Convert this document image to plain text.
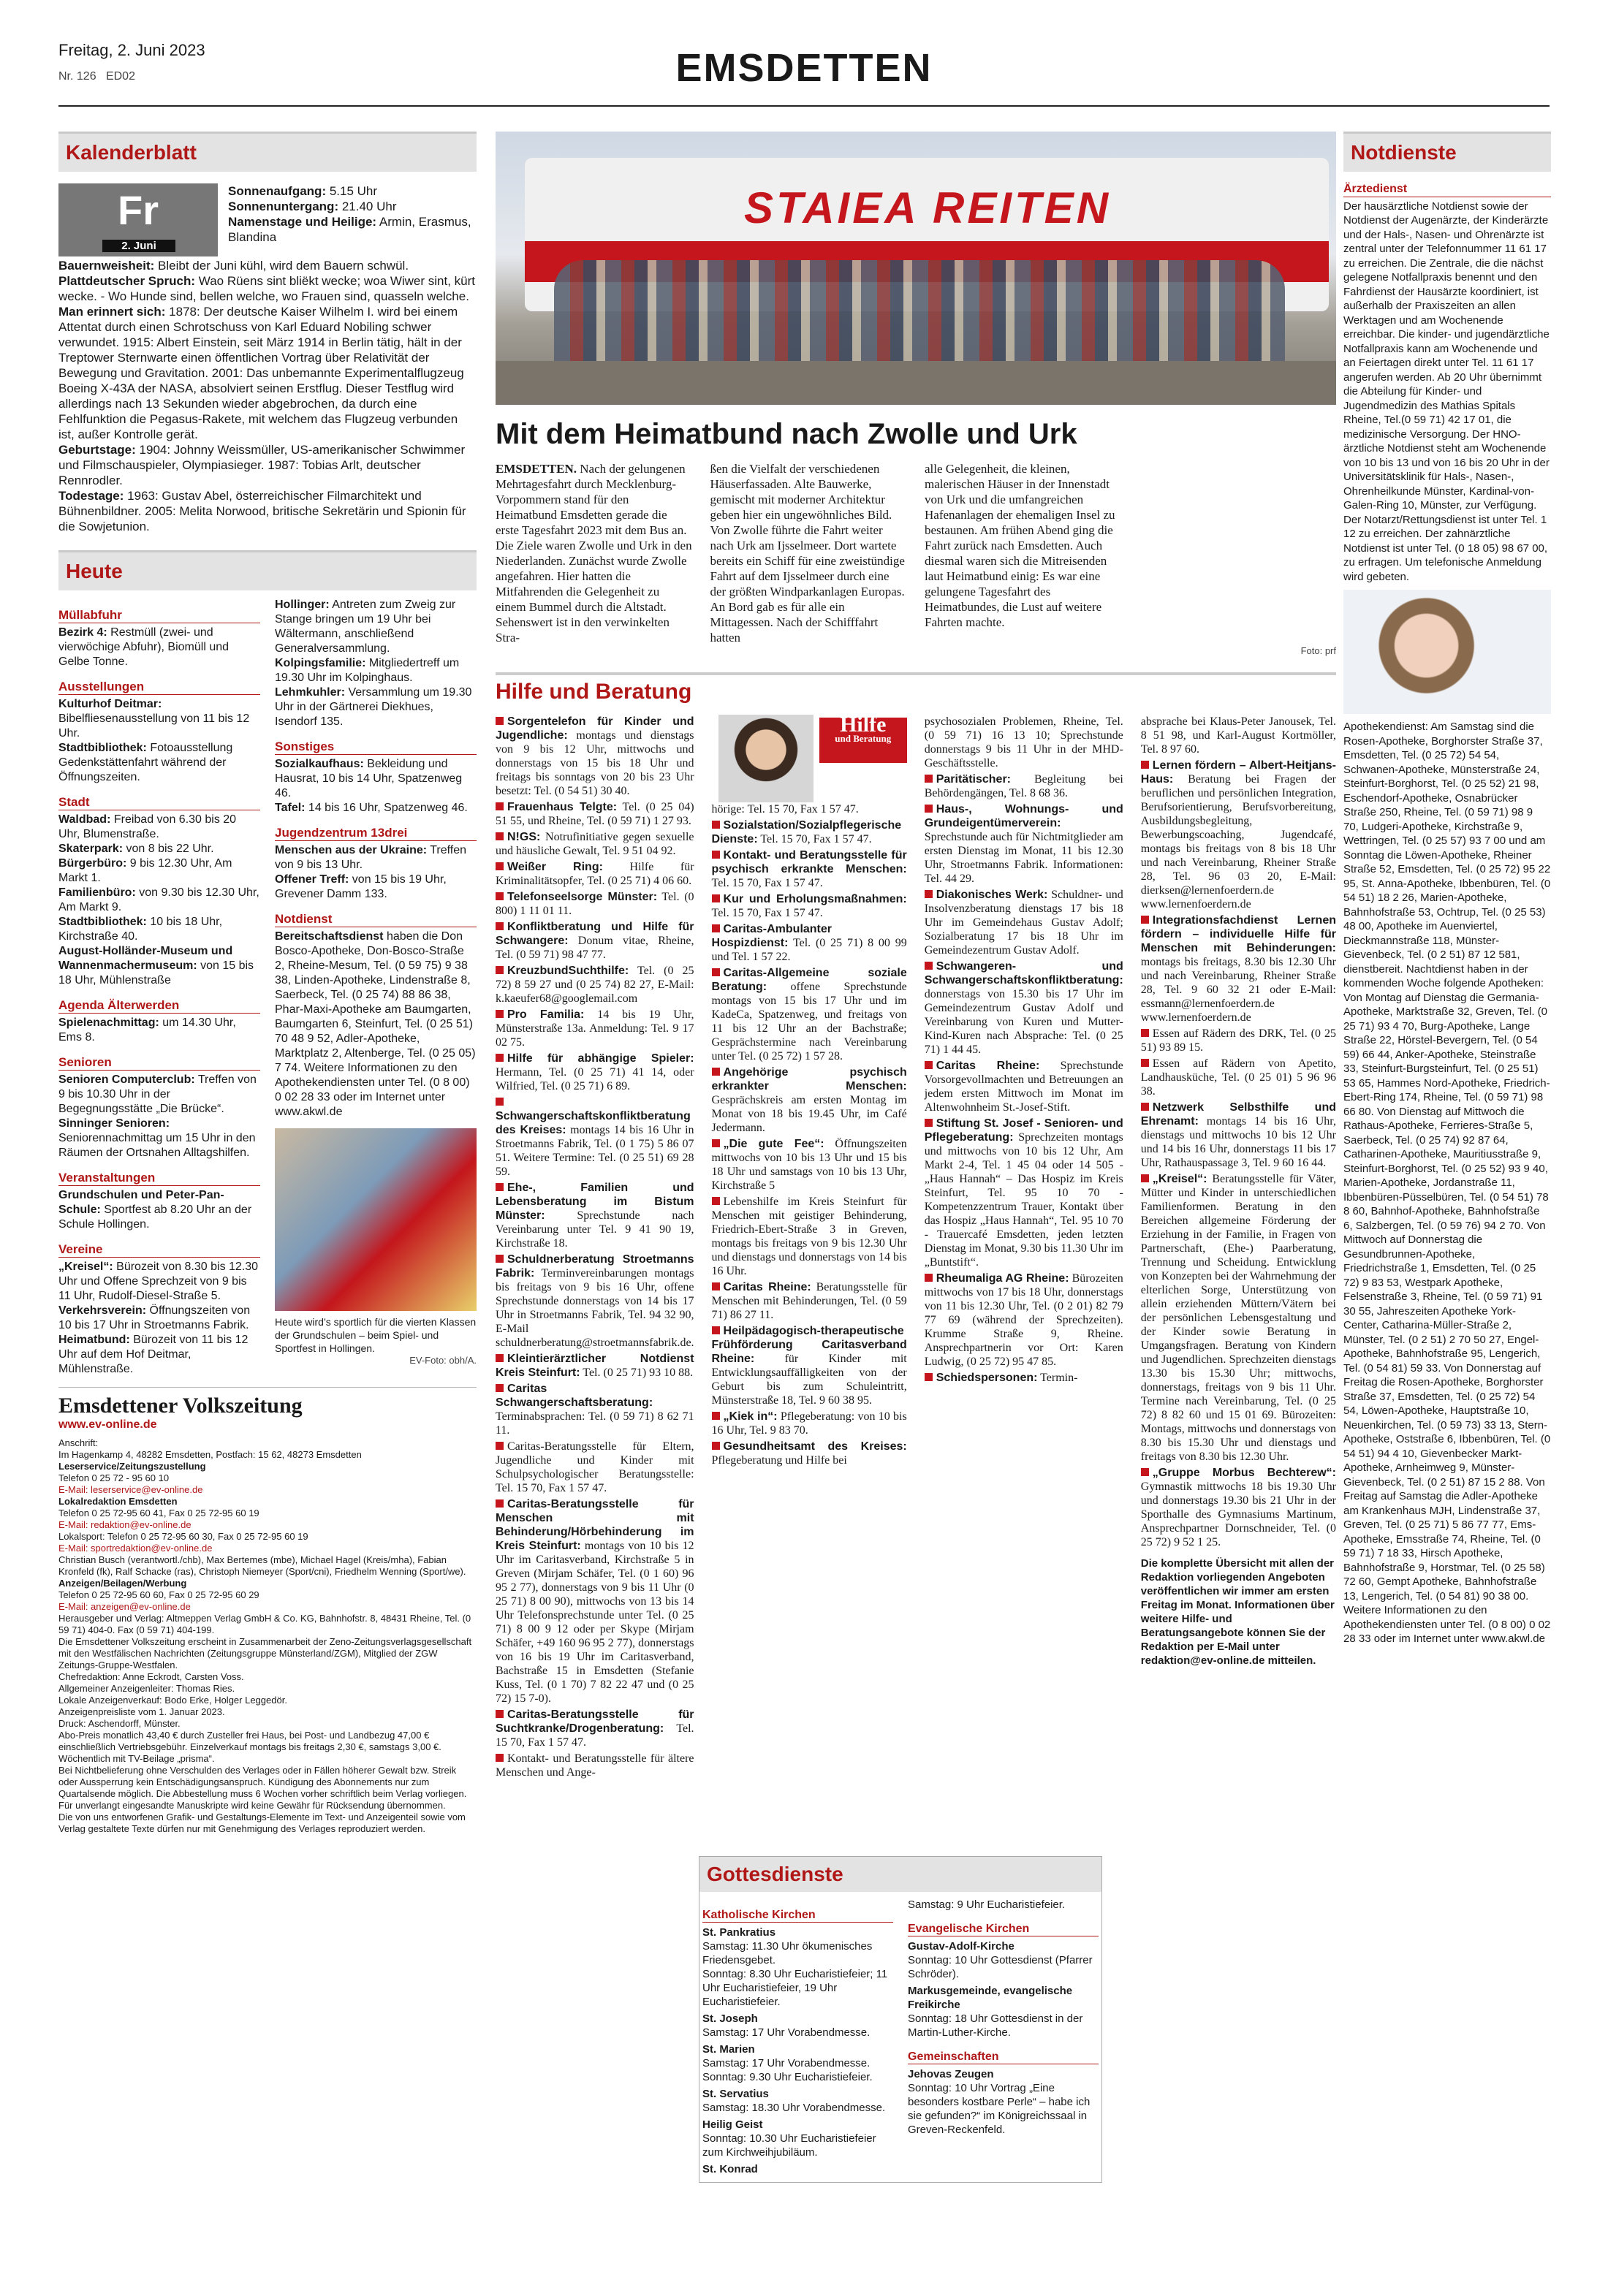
Freitag, 2. Juni 2023
Nr. 126 ED02	EMSDETTEN
Kalenderblatt
Fr
2. Juni
Sonnenaufgang: 5.15 Uhr
Sonnenuntergang: 21.40 Uhr
Namenstage und Heilige: Armin, Erasmus, Blandina

Bauernweisheit: Bleibt der Juni kühl, wird dem Bauern schwül.

Plattdeutscher Spruch: Wao Rüens sint bliëkt wecke; woa Wiwer sint, kürt wecke. - Wo Hunde sind, bellen welche, wo Frauen sind, quasseln welche.

Man erinnert sich: 1878: Der deutsche Kaiser Wilhelm I. wird bei einem Attentat durch einen Schrotschuss von Karl Eduard Nobiling schwer verwundet. 1915: Albert Einstein, seit März 1914 in Berlin tätig, hält in der Treptower Sternwarte einen öffentlichen Vortrag über Relativität der Bewegung und Gravitation. 2001: Das unbemannte Experimentalflugzeug Boeing X-43A der NASA, absolviert seinen Erstflug. Dieser Testflug wird allerdings nach 13 Sekunden wieder abgebrochen, da durch eine Fehlfunktion die Pegasus-Rakete, mit welchem das Flugzeug verbunden ist, außer Kontrolle gerät.

Geburtstage: 1904: Johnny Weissmüller, US-amerikanischer Schwimmer und Filmschauspieler, Olympiasieger. 1987: Tobias Arlt, deutscher Rennrodler.

Todestage: 1963: Gustav Abel, österreichischer Filmarchitekt und Bühnenbildner. 2005: Melita Norwood, britische Sekretärin und Spionin für die Sowjetunion.

Heute
Müllabfuhr

Bezirk 4: Restmüll (zwei- und vierwöchige Abfuhr), Biomüll und Gelbe Tonne.

Ausstellungen

Kulturhof Deitmar: Bibelfliesenausstellung von 11 bis 12 Uhr.

Stadtbibliothek: Fotoausstellung Gedenkstättenfahrt während der Öffnungszeiten.

Stadt

Waldbad: Freibad von 6.30 bis 20 Uhr, Blumenstraße.

Skaterpark: von 8 bis 22 Uhr.

Bürgerbüro: 9 bis 12.30 Uhr, Am Markt 1.

Familienbüro: von 9.30 bis 12.30 Uhr, Am Markt 9.

Stadtbibliothek: 10 bis 18 Uhr, Kirchstraße 40.

August-Holländer-Museum und Wannenmachermuseum: von 15 bis 18 Uhr, Mühlenstraße

Agenda Älterwerden

Spielenachmittag: um 14.30 Uhr, Ems 8.

Senioren

Senioren Computerclub: Treffen von 9 bis 10.30 Uhr in der Begegnungsstätte „Die Brücke“.

Sinninger Senioren: Seniorennachmittag um 15 Uhr in den Räumen der Ortsnahen Alltagshilfen.

Veranstaltungen

Grundschulen und Peter-Pan-Schule: Sportfest ab 8.20 Uhr an der Schule Hollingen.

Vereine

„Kreisel“: Bürozeit von 8.30 bis 12.30 Uhr und Offene Sprechzeit von 9 bis 11 Uhr, Rudolf-Diesel-Straße 5.

Verkehrsverein: Öffnungszeiten von 10 bis 17 Uhr in Stroetmanns Fabrik.

Heimatbund: Bürozeit von 11 bis 12 Uhr auf dem Hof Deitmar, Mühlenstraße.

Hollinger: Antreten zum Zweig zur Stange bringen um 19 Uhr bei Wältermann, anschließend Generalversammlung.

Kolpingsfamilie: Mitgliedertreff um 19.30 Uhr im Kolpinghaus.

Lehmkuhler: Versammlung um 19.30 Uhr in der Gärtnerei Diekhues, Isendorf 135.

Sonstiges

Sozialkaufhaus: Bekleidung und Hausrat, 10 bis 14 Uhr, Spatzenweg 46.

Tafel: 14 bis 16 Uhr, Spatzenweg 46.

Jugendzentrum 13drei

Menschen aus der Ukraine: Treffen von 9 bis 13 Uhr.

Offener Treff: von 15 bis 19 Uhr, Grevener Damm 133.

Notdienst

Bereitschaftsdienst haben die Don Bosco-Apotheke, Don-Bosco-Straße 2, Rheine-Mesum, Tel. (0 59 75) 9 38 38, Linden-Apotheke, Lindenstraße 8, Saerbeck, Tel. (0 25 74) 88 86 38, Phar-Maxi-Apotheke am Baumgarten, Baumgarten 6, Steinfurt, Tel. (0 25 51) 70 48 9 52, Adler-Apotheke, Marktplatz 2, Altenberge, Tel. (0 25 05) 7 74. Weitere Informationen zu den Apothekendiensten unter Tel. (0 8 00) 0 02 28 33 oder im Internet unter www.akwl.de

Heute wird’s sportlich für die vierten Klassen der Grundschulen – beim Spiel- und Sportfest in Hollingen.
EV-Foto: obh/A.
Emsdettener Volkszeitung
www.ev-online.de
Anschrift:
Im Hagenkamp 4, 48282 Emsdetten, Postfach: 15 62, 48273 Emsdetten
Leserservice/Zeitungszustellung
Telefon 0 25 72 - 95 60 10
E-Mail: leserservice@ev-online.de
Lokalredaktion Emsdetten
Telefon 0 25 72-95 60 41, Fax 0 25 72-95 60 19
E-Mail: redaktion@ev-online.de
Lokalsport: Telefon 0 25 72-95 60 30, Fax 0 25 72-95 60 19
E-Mail: sportredaktion@ev-online.de
Christian Busch (verantwortl./chb), Max Bertemes (mbe), Michael Hagel (Kreis/mha), Fabian Kronfeld (fk), Ralf Schacke (ras), Christoph Niemeyer (Sport/cni), Friedhelm Wenning (Sport/we).
Anzeigen/Beilagen/Werbung
Telefon 0 25 72-95 60 60, Fax 0 25 72-95 60 29
E-Mail: anzeigen@ev-online.de
Herausgeber und Verlag: Altmeppen Verlag GmbH & Co. KG, Bahnhofstr. 8, 48431 Rheine, Tel. (0 59 71) 404-0. Fax (0 59 71) 404-199.
Die Emsdettener Volkszeitung erscheint in Zusammenarbeit der Zeno-Zeitungsverlagsgesellschaft mit den Westfälischen Nachrichten (Zeitungsgruppe Münsterland/ZGM), Mitglied der ZGW Zeitungs-Gruppe-Westfalen.
Chefredaktion: Anne Eckrodt, Carsten Voss.
Allgemeiner Anzeigenleiter: Thomas Ries.
Lokale Anzeigenverkauf: Bodo Erke, Holger Leggedör.
Anzeigenpreisliste vom 1. Januar 2023.
Druck: Aschendorff, Münster.
Abo-Preis monatlich 43,40 € durch Zusteller frei Haus, bei Post- und Landbezug 47,00 € einschließlich Vertriebsgebühr. Einzelverkauf montags bis freitags 2,30 €, samstags 3,00 €. Wöchentlich mit TV-Beilage „prisma“.
Bei Nichtbelieferung ohne Verschulden des Verlages oder in Fällen höherer Gewalt bzw. Streik oder Aussperrung kein Entschädigungsanspruch. Kündigung des Abonnements nur zum Quartalsende möglich. Die Abbestellung muss 6 Wochen vorher schriftlich beim Verlag vorliegen.
Für unverlangt eingesandte Manuskripte wird keine Gewähr für Rücksendung übernommen.
Die von uns entworfenen Grafik- und Gestaltungs-Elemente im Text- und Anzeigenteil sowie vom Verlag gestaltete Texte dürfen nur mit Genehmigung des Verlages reproduziert werden.
STAIEA REITEN
Mit dem Heimatbund nach Zwolle und Urk
EMSDETTEN. Nach der gelungenen Mehrtagesfahrt durch Mecklenburg-Vorpommern stand für den Heimatbund Emsdetten gerade die erste Tagesfahrt 2023 mit dem Bus an. Die Ziele waren Zwolle und Urk in den Niederlanden. Zunächst wurde Zwolle angefahren. Hier hatten die Mitfahrenden die Gelegenheit zu einem Bummel durch die Altstadt. Sehenswert ist in den verwinkelten Stra-
ßen die Vielfalt der verschiedenen Häuserfassaden. Alte Bauwerke, gemischt mit moderner Architektur geben hier ein ungewöhnliches Bild. Von Zwolle führte die Fahrt weiter nach Urk am Ijsselmeer. Dort wartete bereits ein Schiff für eine zweistündige Fahrt auf dem Ijsselmeer durch eine der größten Windparkanlagen Europas. An Bord gab es für alle ein Mittagessen. Nach der Schifffahrt hatten
alle Gelegenheit, die kleinen, malerischen Häuser in der Innenstadt von Urk und die umfangreichen Hafenanlagen der ehemaligen Insel zu bestaunen. Am frühen Abend ging die Fahrt zurück nach Emsdetten. Auch diesmal waren sich die Mitreisenden laut Heimatbund einig: Es war eine gelungene Tagesfahrt des Heimatbundes, die Lust auf weitere Fahrten machte.
Foto: prf
Hilfe und Beratung

Sorgentelefon für Kinder und Jugendliche: montags und dienstags von 9 bis 12 Uhr, mittwochs und donnerstags von 15 bis 18 Uhr und freitags bis sonntags von 20 bis 23 Uhr besetzt: Tel. (0 54 51) 30 40.

Frauenhaus Telgte: Tel. (0 25 04) 51 55, und Rheine, Tel. (0 59 71) 1 27 93.

N!GS: Notrufinitiative gegen sexuelle und häusliche Gewalt, Tel. 9 51 04 92.

Weißer Ring: Hilfe für Kriminalitätsopfer, Tel. (0 25 71) 4 06 60.

Telefonseelsorge Münster: Tel. (0 800) 1 11 01 11.

Konfliktberatung und Hilfe für Schwangere: Donum vitae, Rheine, Tel. (0 59 71) 98 47 77.

KreuzbundSuchthilfe: Tel. (0 25 72) 8 59 27 und (0 25 74) 82 27, E-Mail: k.kaeufer68@googlemail.com

Pro Familia: 14 bis 19 Uhr, Münsterstraße 13a. Anmeldung: Tel. 9 17 02 75.

Hilfe für abhängige Spieler: Hermann, Tel. (0 25 71) 41 14, oder Wilfried, Tel. (0 25 71) 6 89.

Schwangerschaftskonfliktberatung des Kreises: montags 14 bis 16 Uhr in Stroetmanns Fabrik, Tel. (0 1 75) 5 86 07 51. Weitere Termine: Tel. (0 25 51) 69 28 59.

Ehe-, Familien und Lebensberatung im Bistum Münster: Sprechstunde nach Vereinbarung unter Tel. 9 41 90 19, Kirchstraße 18.

Schuldnerberatung Stroetmanns Fabrik: Terminvereinbarungen montags bis freitags von 9 bis 16 Uhr, offene Sprechstunde donnerstags von 14 bis 17 Uhr in Stroetmanns Fabrik, Tel. 94 32 90, E-Mail schuldnerberatung@stroetmannsfabrik.de.

Kleintierärztlicher Notdienst Kreis Steinfurt: Tel. (0 25 71) 93 10 88.

Caritas Schwangerschaftsberatung: Terminabsprachen: Tel. (0 59 71) 8 62 71 11.

Caritas-Beratungsstelle für Eltern, Jugendliche und Kinder mit Schulpsychologischer Beratungsstelle: Tel. 15 70, Fax 1 57 47.

Caritas-Beratungsstelle für Menschen mit Behinderung/Hörbehinderung im Kreis Steinfurt: montags von 10 bis 12 Uhr im Caritasverband, Kirchstraße 5 in Greven (Mirjam Schäfer, Tel. (0 1 60) 96 95 2 77), donnerstags von 9 bis 11 Uhr (0 25 71) 8 00 90), mittwochs von 13 bis 14 Uhr Telefonsprechstunde unter Tel. (0 25 71) 8 00 9 12 oder per Skype (Mirjam Schäfer, +49 160 96 95 2 77), donnerstags von 16 bis 19 Uhr im Caritasverband, Bachstraße 15 in Emsdetten (Stefanie Kuss, Tel. (0 1 70) 7 82 22 47 und (0 25 72) 15 7-0).

Caritas-Beratungsstelle für Suchtkranke/Drogenberatung: Tel. 15 70, Fax 1 57 47.

Kontakt- und Beratungsstelle für ältere Menschen und Ange-

Hilfe
und Beratung

hörige: Tel. 15 70, Fax 1 57 47.

Sozialstation/Sozialpflegerische Dienste: Tel. 15 70, Fax 1 57 47.

Kontakt- und Beratungsstelle für psychisch erkrankte Menschen: Tel. 15 70, Fax 1 57 47.

Kur und Erholungsmaßnahmen: Tel. 15 70, Fax 1 57 47.

Caritas-Ambulanter Hospizdienst: Tel. (0 25 71) 8 00 99 und Tel. 1 57 22.

Caritas-Allgemeine soziale Beratung: offene Sprechstunde montags von 15 bis 17 Uhr und im KadeCa, Spatzenweg, und freitags von 11 bis 12 Uhr an der Bachstraße; Gesprächstermine nach Vereinbarung unter Tel. (0 25 72) 1 57 28.

Angehörige psychisch erkrankter Menschen: Gesprächskreis am ersten Montag im Monat von 18 bis 19.45 Uhr, im Café Jedermann.

„Die gute Fee“: Öffnungszeiten mittwochs von 10 bis 13 Uhr und 15 bis 18 Uhr und samstags von 10 bis 13 Uhr, Kirchstraße 5

Lebenshilfe im Kreis Steinfurt für Menschen mit geistiger Behinderung, Friedrich-Ebert-Straße 3 in Greven, montags bis freitags von 9 bis 12.30 Uhr und dienstags und donnerstags von 14 bis 16 Uhr.

Caritas Rheine: Beratungsstelle für Menschen mit Behinderungen, Tel. (0 59 71) 86 27 11.

Heilpädagogisch-therapeutische Frühförderung Caritasverband Rheine: für Kinder mit Entwicklungsauffälligkeiten von der Geburt bis zum Schuleintritt, Münsterstraße 18, Tel. 9 60 38 95.

„Kiek in“: Pflegeberatung: von 10 bis 16 Uhr, Tel. 9 83 70.

Gesundheitsamt des Kreises: Pflegeberatung und Hilfe bei

psychosozialen Problemen, Rheine, Tel. (0 59 71) 16 13 10; Sprechstunde donnerstags 9 bis 11 Uhr in der MHD-Geschäftsstelle.

Paritätischer: Begleitung bei Behördengängen, Tel. 8 68 36.

Haus-, Wohnungs- und Grundeigentümerverein: Sprechstunde auch für Nichtmitglieder am ersten Dienstag im Monat, 11 bis 12.30 Uhr, Stroetmanns Fabrik. Informationen: Tel. 44 29.

Diakonisches Werk: Schuldner- und Insolvenzberatung dienstags 17 bis 18 Uhr im Gemeindehaus Gustav Adolf; Sozialberatung 17 bis 18 Uhr im Gemeindezentrum Gustav Adolf.

Schwangeren- und Schwangerschaftskonfliktberatung: donnerstags von 15.30 bis 17 Uhr im Gemeindezentrum Gustav Adolf und Vereinbarung von Kuren und Mutter-Kind-Kuren nach Absprache: Tel. (0 25 71) 1 44 45.

Caritas Rheine: Sprechstunde Vorsorgevollmachten und Betreuungen an jedem ersten Mittwoch im Monat im Altenwohnheim St.-Josef-Stift.

Stiftung St. Josef - Senioren- und Pflegeberatung: Sprechzeiten montags und mittwochs von 10 bis 12 Uhr, Am Markt 2-4, Tel. 1 45 04 oder 14 505 - „Haus Hannah“ – Das Hospiz im Kreis Steinfurt, Tel. 95 10 70 - Kompetenzzentrum Trauer, Kontakt über das Hospiz „Haus Hannah“, Tel. 95 10 70 - Trauercafé Emsdetten, jeden letzten Dienstag im Monat, 9.30 bis 11.30 Uhr im „Buntstift“.

Rheumaliga AG Rheine: Bürozeiten mittwochs von 17 bis 18 Uhr, donnerstags von 11 bis 12.30 Uhr, Tel. (0 2 01) 82 79 77 69 (während der Sprechzeiten). Krumme Straße 9, Rheine. Ansprechpartnerin vor Ort: Karen Ludwig, (0 25 72) 95 47 85.

Schiedspersonen: Termin-

absprache bei Klaus-Peter Janousek, Tel. 8 51 98, und Karl-August Kortmöller, Tel. 8 97 60.

Lernen fördern – Albert-Heitjans-Haus: Beratung bei Fragen der beruflichen und persönlichen Integration, Berufsorientierung, Berufsvorbereitung, Ausbildungsbegleitung, Bewerbungscoaching, Jugendcafé, montags bis freitags von 8 bis 18 Uhr und nach Vereinbarung, Rheiner Straße 28, Tel. 96 03 20, E-Mail: dierksen@lernenfoerdern.de www.lernenfoerdern.de

Integrationsfachdienst Lernen fördern – individuelle Hilfe für Menschen mit Behinderungen: montags bis freitags, 8.30 bis 12.30 Uhr und nach Vereinbarung, Rheiner Straße 28, Tel. 9 60 32 21 oder E-Mail: essmann@lernenfoerdern.de www.lernenfoerdern.de

Essen auf Rädern des DRK, Tel. (0 25 51) 93 89 15.

Essen auf Rädern von Apetito, Landhausküche, Tel. (0 25 01) 5 96 96 38.

Netzwerk Selbsthilfe und Ehrenamt: montags 14 bis 16 Uhr, dienstags und mittwochs 10 bis 12 Uhr und 14 bis 16 Uhr, donnerstags 11 bis 17 Uhr, Rathauspassage 3, Tel. 9 60 16 44.

„Kreisel“: Beratungsstelle für Väter, Mütter und Kinder in unterschiedlichen Familienformen. Beratung in den Bereichen allgemeine Förderung der Erziehung in der Familie, in Fragen von Partnerschaft, (Ehe-) Paarberatung, Trennung und Scheidung. Entwicklung von Konzepten bei der Wahrnehmung der elterlichen Sorge, Unterstützung von allein erziehenden Müttern/Vätern bei der persönlichen Lebensgestaltung und der Kinder sowie Beratung in Umgangsfragen. Beratung von Kindern und Jugendlichen. Sprechzeiten dienstags 13.30 bis 15.30 Uhr; mittwochs, donnerstags, freitags von 9 bis 11 Uhr. Termine nach Vereinbarung, Tel. (0 25 72) 8 82 60 und 15 01 69. Bürozeiten: Montags, mittwochs und donnerstags von 8.30 bis 15.30 Uhr und dienstags und freitags von 8.30 bis 12.30 Uhr.

„Gruppe Morbus Bechterew“: Gymnastik mittwochs 18 bis 19.30 Uhr und donnerstags 19.30 bis 21 Uhr in der Sporthalle des Gymnasiums Martinum, Ansprechpartner Dornschneider, Tel. (0 25 72) 9 52 1 25.

Die komplette Übersicht mit allen der Redaktion vorliegenden Angeboten veröffentlichen wir immer am ersten Freitag im Monat. Informationen über weitere Hilfe- und Beratungsangebote können Sie der Redaktion per E-Mail unter redaktion@ev-online.de mitteilen.

Gottesdienste
Katholische Kirchen
St. Pankratius
Samstag: 11.30 Uhr ökumenisches Friedensgebet.
Sonntag: 8.30 Uhr Eucharistiefeier; 11 Uhr Eucharistiefeier, 19 Uhr Eucharistiefeier.
St. Joseph
Samstag: 17 Uhr Vorabendmesse.
St. Marien
Samstag: 17 Uhr Vorabendmesse.
Sonntag: 9.30 Uhr Eucharistiefeier.
St. Servatius
Samstag: 18.30 Uhr Vorabendmesse.
Heilig Geist
Sonntag: 10.30 Uhr Eucharistiefeier zum Kirchweihjubiläum.
St. Konrad
Samstag: 9 Uhr Eucharistiefeier.
Evangelische Kirchen
Gustav-Adolf-Kirche
Sonntag: 10 Uhr Gottesdienst (Pfarrer Schröder).
Markusgemeinde, evangelische Freikirche
Sonntag: 18 Uhr Gottesdienst in der Martin-Luther-Kirche.
Gemeinschaften
Jehovas Zeugen
Sonntag: 10 Uhr Vortrag „Eine besonders kostbare Perle“ – habe ich sie gefunden?“ im Königreichssaal in Greven-Reckenfeld.
Notdienste
Ärztedienst

Der hausärztliche Notdienst sowie der Notdienst der Augenärzte, der Kinderärzte und der Hals-, Nasen- und Ohrenärzte ist zentral unter der Telefonnummer 11 61 17 zu erreichen. Die Zentrale, die die nächst gelegene Notfallpraxis benennt und den Fahrdienst der Hausärzte koordiniert, ist außerhalb der Praxiszeiten an allen Werktagen und am Wochenende erreichbar. Die kinder- und jugendärztliche Notfallpraxis kann am Wochenende und an Feiertagen direkt unter Tel. 11 61 17 angerufen werden. Ab 20 Uhr übernimmt die Abteilung für Kinder- und Jugendmedizin des Mathias Spitals Rheine, Tel.(0 59 71) 42 17 01, die medizinische Versorgung. Der HNO-ärztliche Notdienst steht am Wochenende von 10 bis 13 und von 16 bis 20 Uhr in der Universitätsklinik für Hals-, Nasen-, Ohrenheilkunde Münster, Kardinal-von-Galen-Ring 10, Münster, zur Verfügung. Der Notarzt/Rettungsdienst ist unter Tel. 1 12 zu erreichen. Der zahnärztliche Notdienst ist unter Tel. (0 18 05) 98 67 00, zu erfragen. Um telefonische Anmeldung wird gebeten.

Apothekendienst: Am Samstag sind die Rosen-Apotheke, Borghorster Straße 37, Emsdetten, Tel. (0 25 72) 54 54, Schwanen-Apotheke, Münsterstraße 24, Steinfurt-Borghorst, Tel. (0 25 52) 21 98, Eschendorf-Apotheke, Osnabrücker Straße 250, Rheine, Tel. (0 59 71) 98 9 70, Ludgeri-Apotheke, Kirchstraße 9, Wettringen, Tel. (0 25 57) 93 7 00 und am Sonntag die Löwen-Apotheke, Rheiner Straße 52, Emsdetten, Tel. (0 25 72) 95 22 95, St. Anna-Apotheke, Ibbenbüren, Tel. (0 54 51) 18 2 26, Marien-Apotheke, Bahnhofstraße 53, Ochtrup, Tel. (0 25 53) 48 00, Apotheke im Auenviertel, Dieckmannstraße 118, Münster-Gievenbeck, Tel. (0 2 51) 87 12 581, dienstbereit. Nachtdienst haben in der kommenden Woche folgende Apotheken: Von Montag auf Dienstag die Germania-Apotheke, Marktstraße 32, Greven, Tel. (0 25 71) 93 4 70, Burg-Apotheke, Lange Straße 22, Hörstel-Bevergern, Tel. (0 54 59) 66 44, Anker-Apotheke, Steinstraße 33, Steinfurt-Burgsteinfurt, Tel. (0 25 51) 53 65, Hammes Nord-Apotheke, Friedrich-Ebert-Ring 174, Rheine, Tel. (0 59 71) 98 66 80. Von Dienstag auf Mittwoch die Rathaus-Apotheke, Ferrieres-Straße 5, Saerbeck, Tel. (0 25 74) 92 87 64, Catharinen-Apotheke, Mauritiusstraße 9, Steinfurt-Borghorst, Tel. (0 25 52) 93 9 40, Marien-Apotheke, Jordanstraße 11, Ibbenbüren-Püsselbüren, Tel. (0 54 51) 78 8 60, Bahnhof-Apotheke, Bahnhofstraße 6, Salzbergen, Tel. (0 59 76) 94 2 70. Von Mittwoch auf Donnerstag die Gesundbrunnen-Apotheke, Friedrichstraße 1, Emsdetten, Tel. (0 25 72) 9 83 53, Westpark Apotheke, Felsenstraße 3, Rheine, Tel. (0 59 71) 91 30 55, Jahreszeiten Apotheke York-Center, Catharina-Müller-Straße 2, Münster, Tel. (0 2 51) 2 70 50 27, Engel-Apotheke, Bahnhofstraße 95, Lengerich, Tel. (0 54 81) 59 33. Von Donnerstag auf Freitag die Rosen-Apotheke, Borghorster Straße 37, Emsdetten, Tel. (0 25 72) 54 54, Löwen-Apotheke, Hauptstraße 10, Neuenkirchen, Tel. (0 59 73) 33 13, Stern-Apotheke, Oststraße 6, Ibbenbüren, Tel. (0 54 51) 94 4 10, Gievenbecker Markt-Apotheke, Arnheimweg 9, Münster-Gievenbeck, Tel. (0 2 51) 87 15 2 88. Von Freitag auf Samstag die Adler-Apotheke am Krankenhaus MJH, Lindenstraße 37, Greven, Tel. (0 25 71) 5 86 77 77, Ems-Apotheke, Emsstraße 74, Rheine, Tel. (0 59 71) 7 18 33, Hirsch Apotheke, Bahnhofstraße 9, Horstmar, Tel. (0 25 58) 72 60, Gempt Apotheke, Bahnhofstraße 13, Lengerich, Tel. (0 54 81) 90 38 00. Weitere Informationen zu den Apothekendiensten unter Tel. (0 8 00) 0 02 28 33 oder im Internet unter www.akwl.de
